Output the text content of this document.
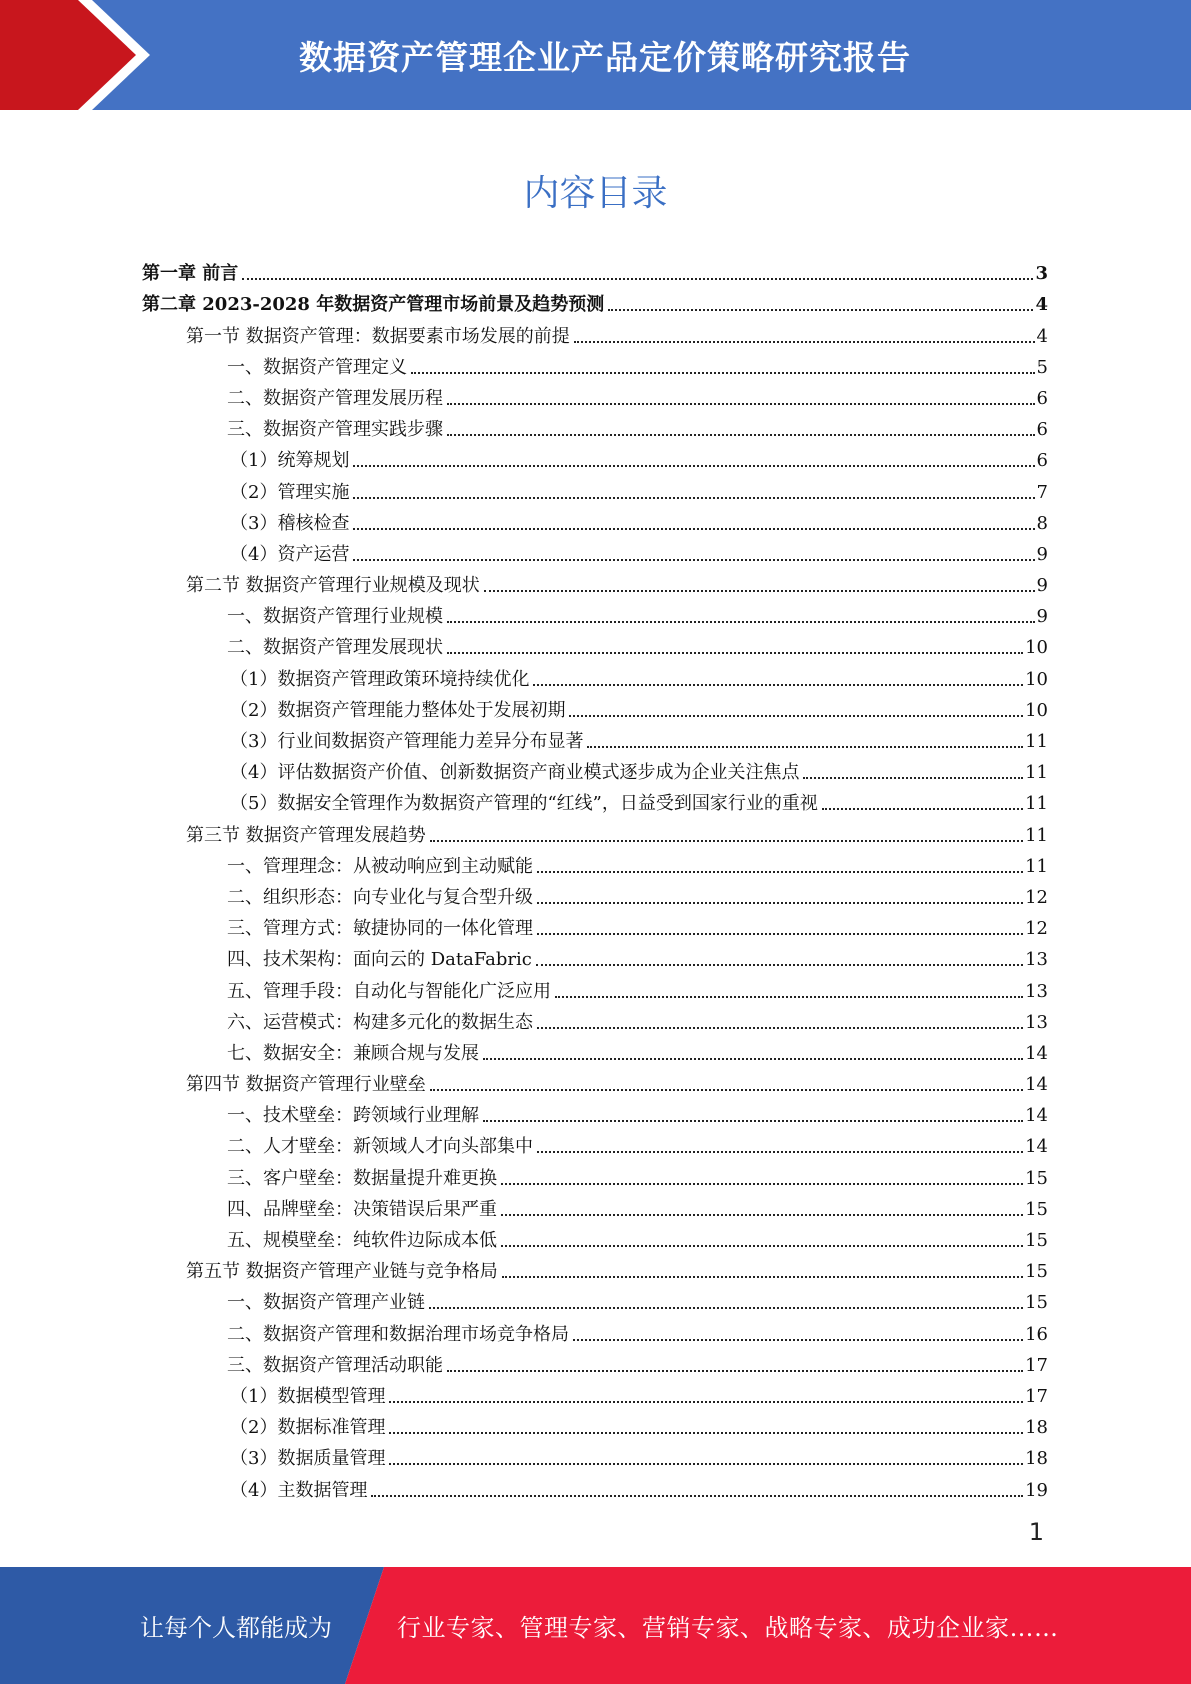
数据资产管理企业产品定价策略研究报告
内容目录
第一章 前言	3
第二章 2023-2028 年数据资产管理市场前景及趋势预测	4
第一节 数据资产管理：数据要素市场发展的前提	4
一、数据资产管理定义	5
二、数据资产管理发展历程	6
三、数据资产管理实践步骤	6
（1）统筹规划	6
（2）管理实施	7
（3）稽核检查	8
（4）资产运营	9
第二节 数据资产管理行业规模及现状	9
一、数据资产管理行业规模	9
二、数据资产管理发展现状	10
（1）数据资产管理政策环境持续优化	10
（2）数据资产管理能力整体处于发展初期	10
（3）行业间数据资产管理能力差异分布显著	11
（4）评估数据资产价值、创新数据资产商业模式逐步成为企业关注焦点	11
（5）数据安全管理作为数据资产管理的“红线”，日益受到国家行业的重视	11
第三节 数据资产管理发展趋势	11
一、管理理念：从被动响应到主动赋能	11
二、组织形态：向专业化与复合型升级	12
三、管理方式：敏捷协同的一体化管理	12
四、技术架构：面向云的 DataFabric	13
五、管理手段：自动化与智能化广泛应用	13
六、运营模式：构建多元化的数据生态	13
七、数据安全：兼顾合规与发展	14
第四节 数据资产管理行业壁垒	14
一、技术壁垒：跨领域行业理解	14
二、人才壁垒：新领域人才向头部集中	14
三、客户壁垒：数据量提升难更换	15
四、品牌壁垒：决策错误后果严重	15
五、规模壁垒：纯软件边际成本低	15
第五节 数据资产管理产业链与竞争格局	15
一、数据资产管理产业链	15
二、数据资产管理和数据治理市场竞争格局	16
三、数据资产管理活动职能	17
（1）数据模型管理	17
（2）数据标准管理	18
（3）数据质量管理	18
（4）主数据管理	19
1
让每个人都能成为	行业专家、管理专家、营销专家、战略专家、成功企业家……
